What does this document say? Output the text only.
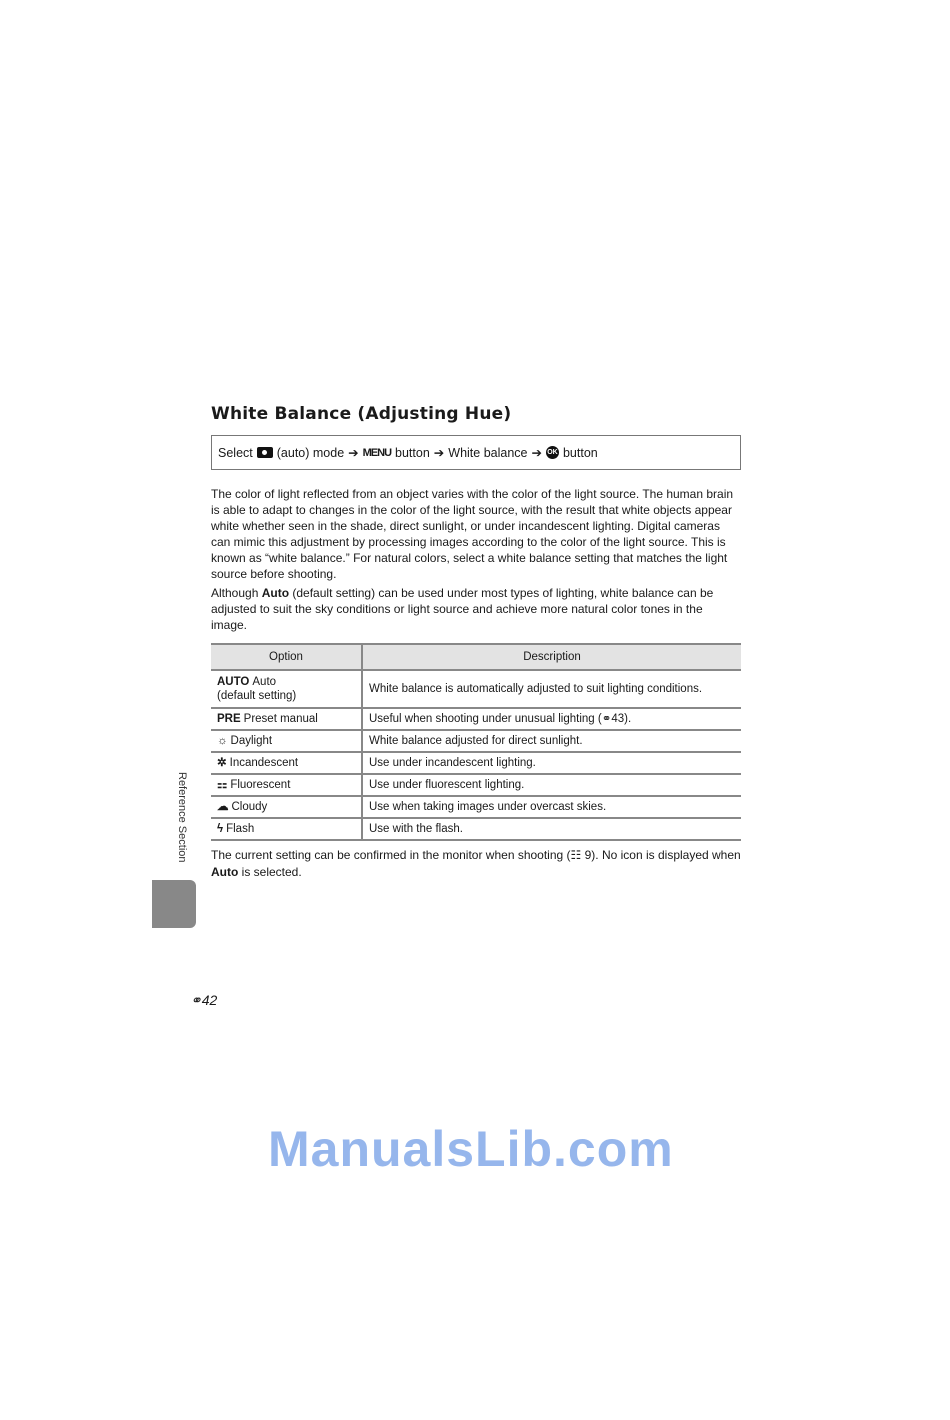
White Balance (Adjusting Hue)
Select (auto) mode ➔ MENU button ➔ White balance ➔ OK button
The color of light reflected from an object varies with the color of the light source. The human brain is able to adapt to changes in the color of the light source, with the result that white objects appear white whether seen in the shade, direct sunlight, or under incandescent lighting. Digital cameras can mimic this adjustment by processing images according to the color of the light source. This is known as “white balance.” For natural colors, select a white balance setting that matches the light source before shooting.
Although Auto (default setting) can be used under most types of lighting, white balance can be adjusted to suit the sky conditions or light source and achieve more natural color tones in the image.
Option	Description
AUTO Auto
(default setting)	White balance is automatically adjusted to suit lighting conditions.
PRE Preset manual	Useful when shooting under unusual lighting (⚭43).
☼ Daylight	White balance adjusted for direct sunlight.
✲ Incandescent	Use under incandescent lighting.
⚏ Fluorescent	Use under fluorescent lighting.
☁ Cloudy	Use when taking images under overcast skies.
ϟ Flash	Use with the flash.
The current setting can be confirmed in the monitor when shooting (☷ 9). No icon is displayed when Auto is selected.
Reference Section
⚭42
ManualsLib.com
